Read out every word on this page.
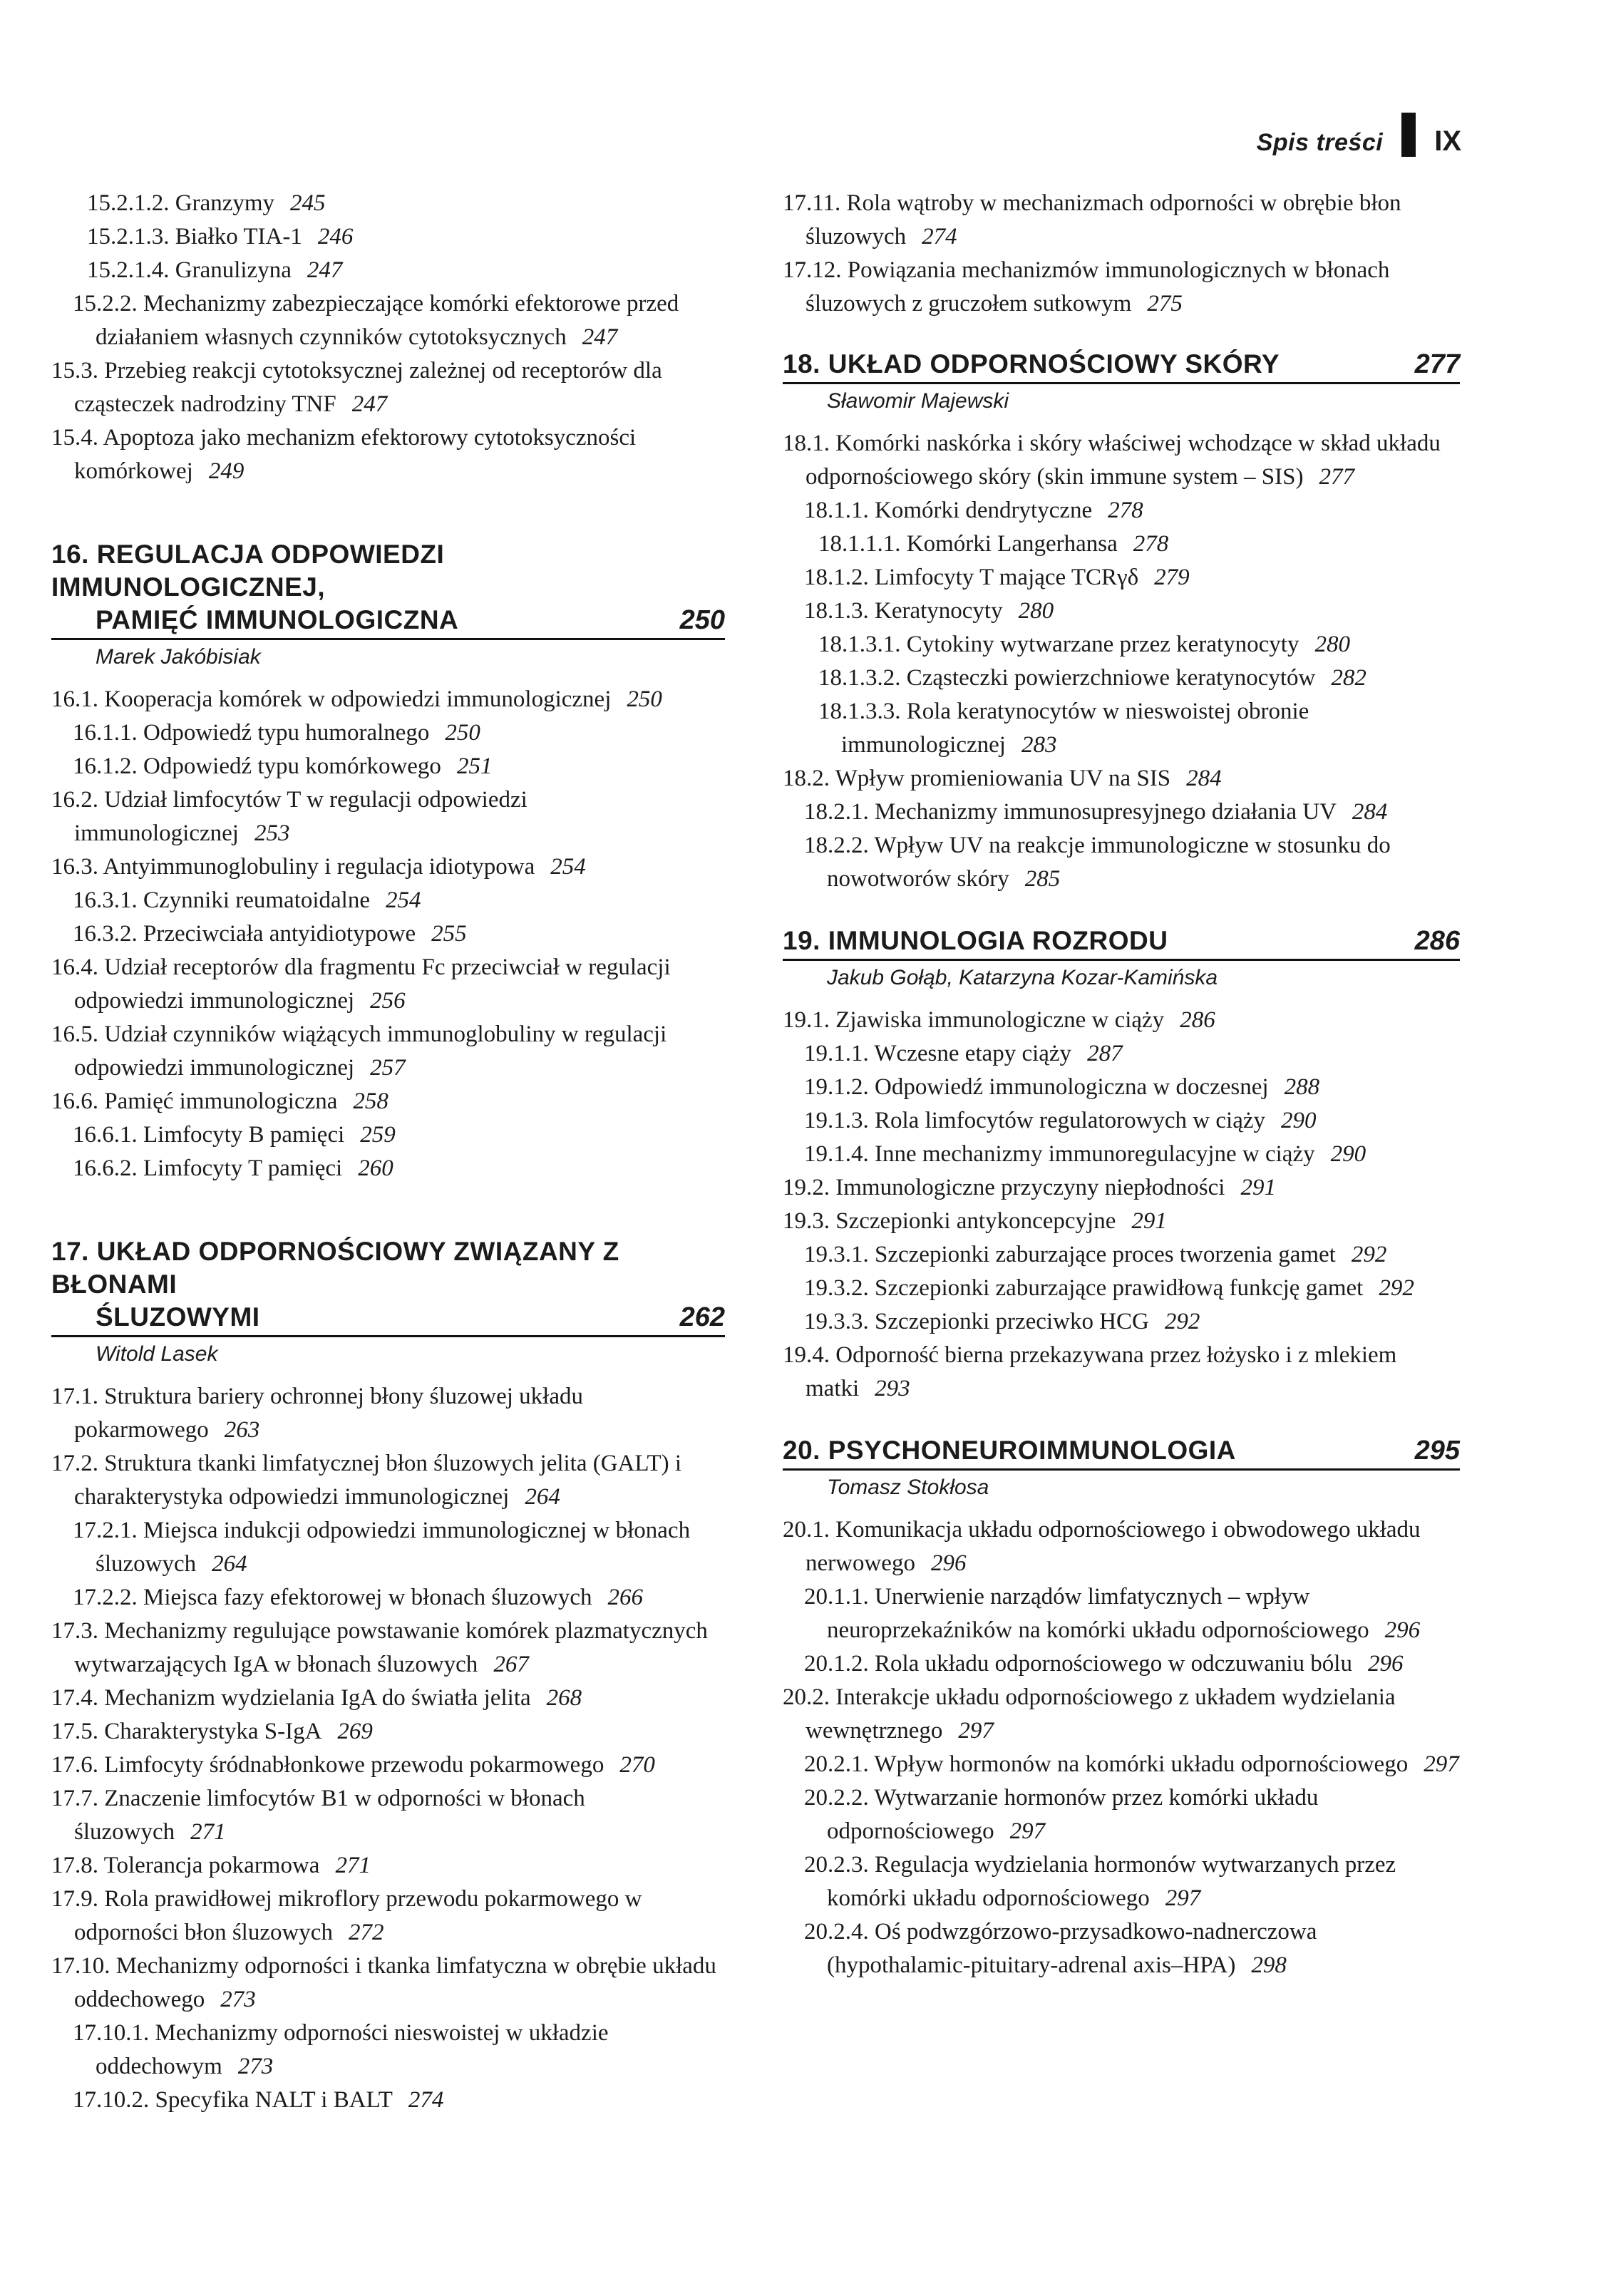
Spis treści IX
15.2.1.2. Granzymy 245
15.2.1.3. Białko TIA-1 246
15.2.1.4. Granulizyna 247
15.2.2. Mechanizmy zabezpieczające komórki efektorowe przed działaniem własnych czynników cytotoksycznych 247
15.3. Przebieg reakcji cytotoksycznej zależnej od receptorów dla cząsteczek nadrodziny TNF 247
15.4. Apoptoza jako mechanizm efektorowy cytotoksyczności komórkowej 249
16. REGULACJA ODPOWIEDZI IMMUNOLOGICZNEJ,
PAMIĘĆ IMMUNOLOGICZNA	250
Marek Jakóbisiak
16.1. Kooperacja komórek w odpowiedzi immunologicznej 250
16.1.1. Odpowiedź typu humoralnego 250
16.1.2. Odpowiedź typu komórkowego 251
16.2. Udział limfocytów T w regulacji odpowiedzi immunologicznej 253
16.3. Antyimmunoglobuliny i regulacja idiotypowa 254
16.3.1. Czynniki reumatoidalne 254
16.3.2. Przeciwciała antyidiotypowe 255
16.4. Udział receptorów dla fragmentu Fc przeciwciał w regulacji odpowiedzi immunologicznej 256
16.5. Udział czynników wiążących immunoglobuliny w regulacji odpowiedzi immunologicznej 257
16.6. Pamięć immunologiczna 258
16.6.1. Limfocyty B pamięci 259
16.6.2. Limfocyty T pamięci 260
17. UKŁAD ODPORNOŚCIOWY ZWIĄZANY Z BŁONAMI
ŚLUZOWYMI	262
Witold Lasek
17.1. Struktura bariery ochronnej błony śluzowej układu pokarmowego 263
17.2. Struktura tkanki limfatycznej błon śluzowych jelita (GALT) i charakterystyka odpowiedzi immunologicznej 264
17.2.1. Miejsca indukcji odpowiedzi immunologicznej w błonach śluzowych 264
17.2.2. Miejsca fazy efektorowej w błonach śluzowych 266
17.3. Mechanizmy regulujące powstawanie komórek plazmatycznych wytwarzających IgA w błonach śluzowych 267
17.4. Mechanizm wydzielania IgA do światła jelita 268
17.5. Charakterystyka S-IgA 269
17.6. Limfocyty śródnabłonkowe przewodu pokarmowego 270
17.7. Znaczenie limfocytów B1 w odporności w błonach śluzowych 271
17.8. Tolerancja pokarmowa 271
17.9. Rola prawidłowej mikroflory przewodu pokarmowego w odporności błon śluzowych 272
17.10. Mechanizmy odporności i tkanka limfatyczna w obrębie układu oddechowego 273
17.10.1. Mechanizmy odporności nieswoistej w układzie oddechowym 273
17.10.2. Specyfika NALT i BALT 274
17.11. Rola wątroby w mechanizmach odporności w obrębie błon śluzowych 274
17.12. Powiązania mechanizmów immunologicznych w błonach śluzowych z gruczołem sutkowym 275
18. UKŁAD ODPORNOŚCIOWY SKÓRY	277
Sławomir Majewski
18.1. Komórki naskórka i skóry właściwej wchodzące w skład układu odpornościowego skóry (skin immune system – SIS) 277
18.1.1. Komórki dendrytyczne 278
18.1.1.1. Komórki Langerhansa 278
18.1.2. Limfocyty T mające TCRγδ 279
18.1.3. Keratynocyty 280
18.1.3.1. Cytokiny wytwarzane przez keratynocyty 280
18.1.3.2. Cząsteczki powierzchniowe keratynocytów 282
18.1.3.3. Rola keratynocytów w nieswoistej obronie immunologicznej 283
18.2. Wpływ promieniowania UV na SIS 284
18.2.1. Mechanizmy immunosupresyjnego działania UV 284
18.2.2. Wpływ UV na reakcje immunologiczne w stosunku do nowotworów skóry 285
19. IMMUNOLOGIA ROZRODU	286
Jakub Gołąb, Katarzyna Kozar-Kamińska
19.1. Zjawiska immunologiczne w ciąży 286
19.1.1. Wczesne etapy ciąży 287
19.1.2. Odpowiedź immunologiczna w doczesnej 288
19.1.3. Rola limfocytów regulatorowych w ciąży 290
19.1.4. Inne mechanizmy immunoregulacyjne w ciąży 290
19.2. Immunologiczne przyczyny niepłodności 291
19.3. Szczepionki antykoncepcyjne 291
19.3.1. Szczepionki zaburzające proces tworzenia gamet 292
19.3.2. Szczepionki zaburzające prawidłową funkcję gamet 292
19.3.3. Szczepionki przeciwko HCG 292
19.4. Odporność bierna przekazywana przez łożysko i z mlekiem matki 293
20. PSYCHONEUROIMMUNOLOGIA	295
Tomasz Stokłosa
20.1. Komunikacja układu odpornościowego i obwodowego układu nerwowego 296
20.1.1. Unerwienie narządów limfatycznych – wpływ neuroprzekaźników na komórki układu odpornościowego 296
20.1.2. Rola układu odpornościowego w odczuwaniu bólu 296
20.2. Interakcje układu odpornościowego z układem wydzielania wewnętrznego 297
20.2.1. Wpływ hormonów na komórki układu odpornościowego 297
20.2.2. Wytwarzanie hormonów przez komórki układu odpornościowego 297
20.2.3. Regulacja wydzielania hormonów wytwarzanych przez komórki układu odpornościowego 297
20.2.4. Oś podwzgórzowo-przysadkowo-nadnerczowa (hypothalamic-pituitary-adrenal axis–HPA) 298
